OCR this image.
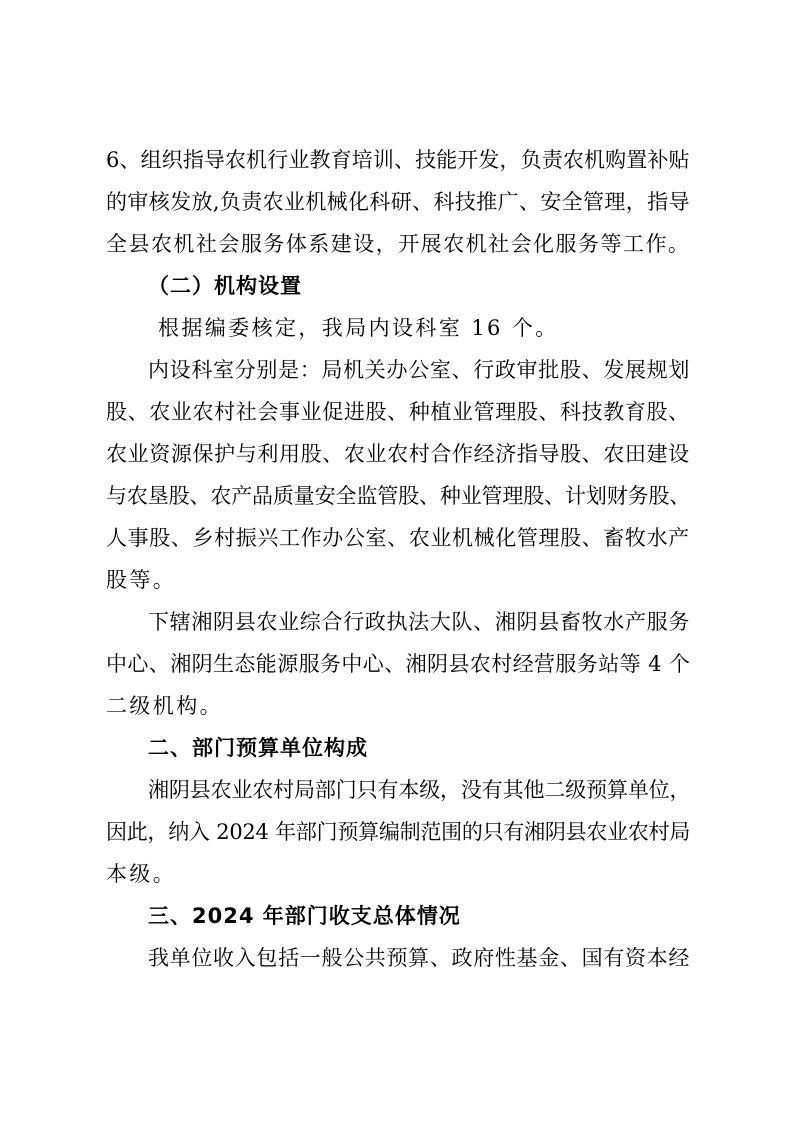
6、组织指导农机行业教育培训、技能开发，负责农机购置补贴
的审核发放,负责农业机械化科研、科技推广、安全管理，指导
全县农机社会服务体系建设，开展农机社会化服务等工作。
（二）机构设置
根据编委核定，我局内设科室 16 个。
内设科室分别是：局机关办公室、行政审批股、发展规划
股、农业农村社会事业促进股、种植业管理股、科技教育股、
农业资源保护与利用股、农业农村合作经济指导股、农田建设
与农垦股、农产品质量安全监管股、种业管理股、计划财务股、
人事股、乡村振兴工作办公室、农业机械化管理股、畜牧水产
股等。
下辖湘阴县农业综合行政执法大队、湘阴县畜牧水产服务
中心、湘阴生态能源服务中心、湘阴县农村经营服务站等 4 个
二级机构。
二、部门预算单位构成
湘阴县农业农村局部门只有本级，没有其他二级预算单位，
因此，纳入 2024 年部门预算编制范围的只有湘阴县农业农村局
本级。
三、2024 年部门收支总体情况
我单位收入包括一般公共预算、政府性基金、国有资本经
